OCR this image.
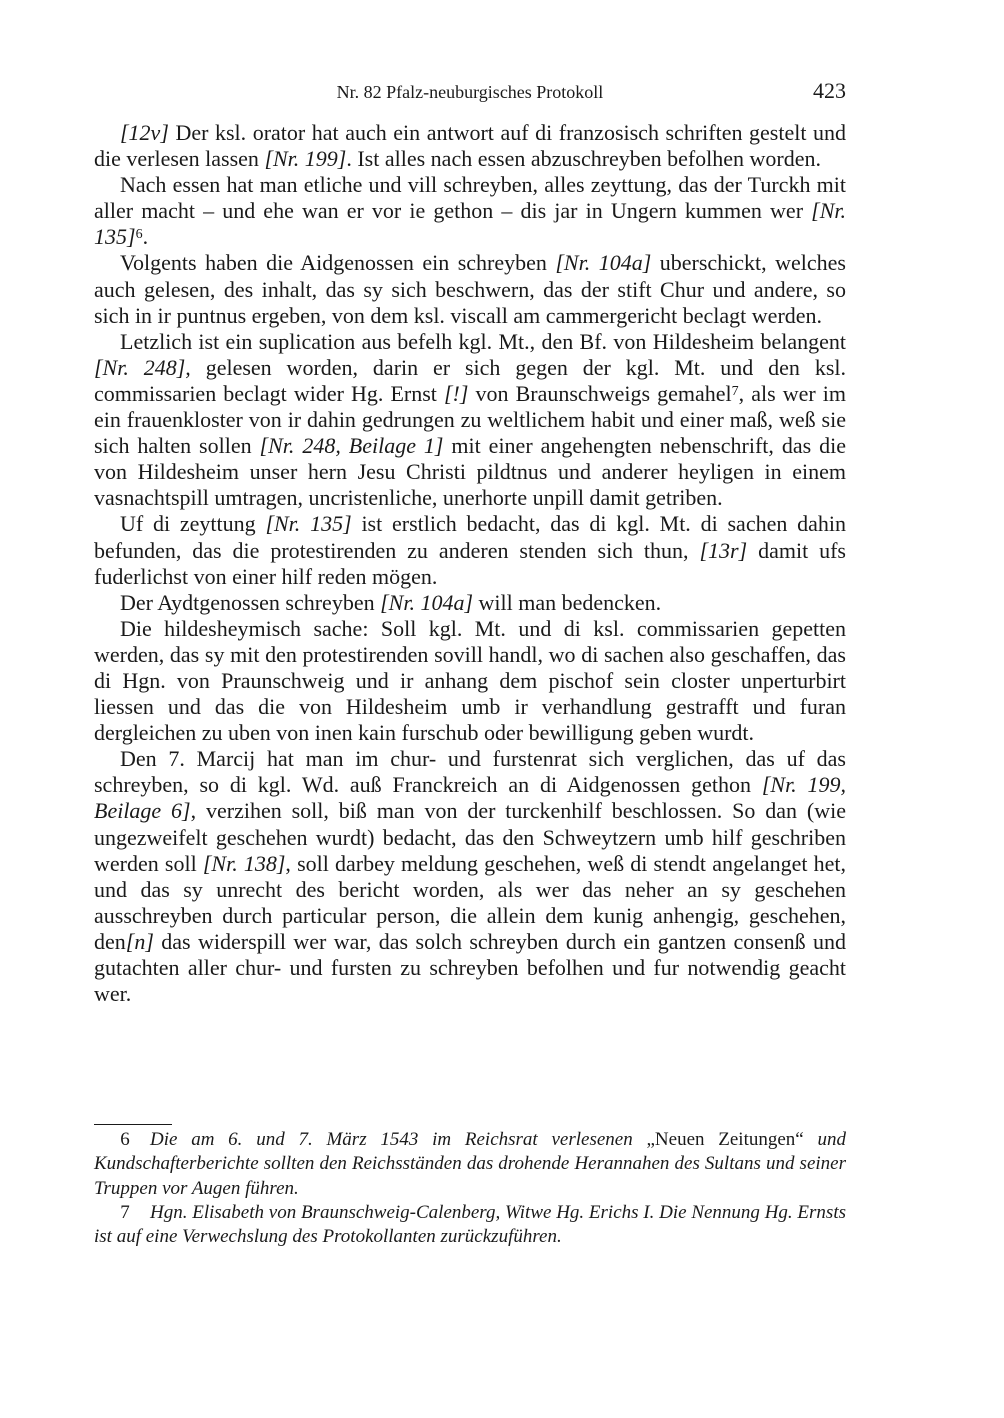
Nr. 82 Pfalz-neuburgisches Protokoll	423

[12v] Der ksl. orator hat auch ein antwort auf di franzosisch schriften gestelt und die verlesen lassen [Nr. 199]. Ist alles nach essen abzuschreyben befolhen worden.

Nach essen hat man etliche und vill schreyben, alles zeyttung, das der Turckh mit aller macht – und ehe wan er vor ie gethon – dis jar in Ungern kummen wer [Nr. 135]$^6$.

Volgents haben die Aidgenossen ein schreyben [Nr. 104a] uberschickt, welches auch gelesen, des inhalt, das sy sich beschwern, das der stift Chur und andere, so sich in ir puntnus ergeben, von dem ksl. viscall am cammergericht beclagt werden.

Letzlich ist ein suplication aus befelh kgl. Mt., den Bf. von Hildesheim belangent [Nr. 248], gelesen worden, darin er sich gegen der kgl. Mt. und den ksl. commissarien beclagt wider Hg. Ernst [!] von Braunschweigs gemahel$^7$, als wer im ein frauenkloster von ir dahin gedrungen zu weltlichem habit und einer maß, weß sie sich halten sollen [Nr. 248, Beilage 1] mit einer angehengten nebenschrift, das die von Hildesheim unser hern Jesu Christi pildtnus und anderer heyligen in einem vasnachtspill umtragen, uncristenliche, unerhorte unpill damit getriben.

Uf di zeyttung [Nr. 135] ist erstlich bedacht, das di kgl. Mt. di sachen dahin befunden, das die protestirenden zu anderen stenden sich thun, [13r] damit ufs fuderlichst von einer hilf reden mögen.

Der Aydtgenossen schreyben [Nr. 104a] will man bedencken.

Die hildesheymisch sache: Soll kgl. Mt. und di ksl. commissarien gepetten werden, das sy mit den protestirenden sovill handl, wo di sachen also geschaffen, das di Hgn. von Praunschweig und ir anhang dem pischof sein closter unperturbirt liessen und das die von Hildesheim umb ir verhandlung gestrafft und furan dergleichen zu uben von inen kain furschub oder bewilligung geben wurdt.

Den 7. Marcij hat man im chur- und furstenrat sich verglichen, das uf das schreyben, so di kgl. Wd. auß Franckreich an di Aidgenossen gethon [Nr. 199, Beilage 6], verzihen soll, biß man von der turckenhilf beschlossen. So dan (wie ungezweifelt geschehen wurdt) bedacht, das den Schweytzern umb hilf geschriben werden soll [Nr. 138], soll darbey meldung geschehen, weß di stendt angelanget het, und das sy unrecht des bericht worden, als wer das neher an sy geschehen ausschreyben durch particular person, die allein dem kunig anhengig, geschehen, den[n] das widerspill wer war, das solch schreyben durch ein gantzen consenß und gutachten aller chur- und fursten zu schreyben befolhen und fur notwendig geacht wer.

6 Die am 6. und 7. März 1543 im Reichsrat verlesenen „Neuen Zeitungen“ und Kundschafterberichte sollten den Reichsständen das drohende Herannahen des Sultans und seiner Truppen vor Augen führen.

7 Hgn. Elisabeth von Braunschweig-Calenberg, Witwe Hg. Erichs I. Die Nennung Hg. Ernsts ist auf eine Verwechslung des Protokollanten zurückzuführen.
